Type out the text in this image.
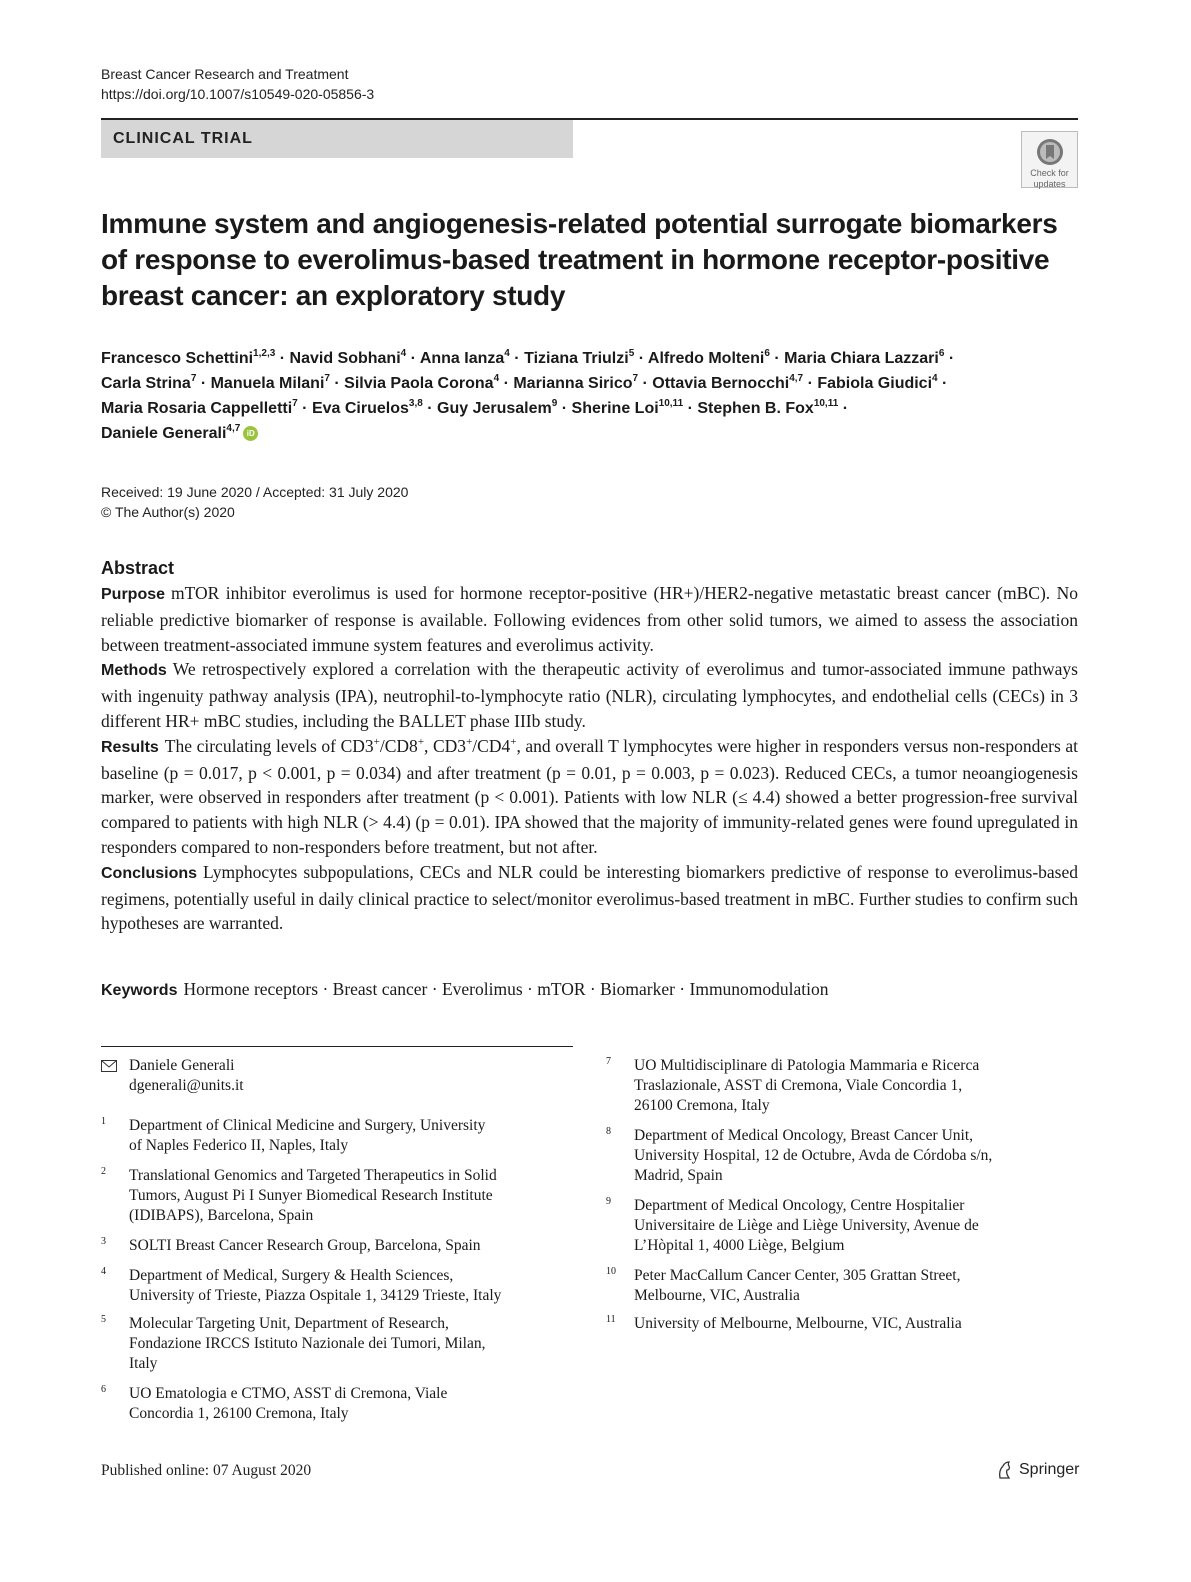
Breast Cancer Research and Treatment
https://doi.org/10.1007/s10549-020-05856-3
CLINICAL TRIAL
Check for
updates
Immune system and angiogenesis-related potential surrogate biomarkers of response to everolimus-based treatment in hormone receptor-positive breast cancer: an exploratory study
Francesco Schettini$^{1,2,3}$ · Navid Sobhani$^4$ · Anna Ianza$^4$ · Tiziana Triulzi$^5$ · Alfredo Molteni$^6$ · Maria Chiara Lazzari$^6$ ·
Carla Strina$^7$ · Manuela Milani$^7$ · Silvia Paola Corona$^4$ · Marianna Sirico$^7$ · Ottavia Bernocchi$^{4,7}$ · Fabiola Giudici$^4$ ·
Maria Rosaria Cappelletti$^7$ · Eva Ciruelos$^{3,8}$ · Guy Jerusalem$^9$ · Sherine Loi$^{10,11}$ · Stephen B. Fox$^{10,11}$ ·
Daniele Generali$^{4,7}$ iD
Received: 19 June 2020 / Accepted: 31 July 2020
© The Author(s) 2020
Abstract

Purpose mTOR inhibitor everolimus is used for hormone receptor-positive (HR+)/HER2-negative metastatic breast cancer (mBC). No reliable predictive biomarker of response is available. Following evidences from other solid tumors, we aimed to assess the association between treatment-associated immune system features and everolimus activity.

Methods We retrospectively explored a correlation with the therapeutic activity of everolimus and tumor-associated immune pathways with ingenuity pathway analysis (IPA), neutrophil-to-lymphocyte ratio (NLR), circulating lymphocytes, and endothelial cells (CECs) in 3 different HR+ mBC studies, including the BALLET phase IIIb study.

Results The circulating levels of CD3+/CD8+, CD3+/CD4+, and overall T lymphocytes were higher in responders versus non-responders at baseline (p = 0.017, p < 0.001, p = 0.034) and after treatment (p = 0.01, p = 0.003, p = 0.023). Reduced CECs, a tumor neoangiogenesis marker, were observed in responders after treatment (p < 0.001). Patients with low NLR (≤ 4.4) showed a better progression-free survival compared to patients with high NLR (> 4.4) (p = 0.01). IPA showed that the majority of immunity-related genes were found upregulated in responders compared to non-responders before treatment, but not after.

Conclusions Lymphocytes subpopulations, CECs and NLR could be interesting biomarkers predictive of response to everolimus-based regimens, potentially useful in daily clinical practice to select/monitor everolimus-based treatment in mBC. Further studies to confirm such hypotheses are warranted.

Keywords Hormone receptors · Breast cancer · Everolimus · mTOR · Biomarker · Immunomodulation
Daniele Generali
dgenerali@units.it
1 Department of Clinical Medicine and Surgery, University
of Naples Federico II, Naples, Italy
2 Translational Genomics and Targeted Therapeutics in Solid
Tumors, August Pi I Sunyer Biomedical Research Institute
(IDIBAPS), Barcelona, Spain
3 SOLTI Breast Cancer Research Group, Barcelona, Spain
4 Department of Medical, Surgery & Health Sciences,
University of Trieste, Piazza Ospitale 1, 34129 Trieste, Italy
5 Molecular Targeting Unit, Department of Research,
Fondazione IRCCS Istituto Nazionale dei Tumori, Milan,
Italy
6 UO Ematologia e CTMO, ASST di Cremona, Viale
Concordia 1, 26100 Cremona, Italy
7 UO Multidisciplinare di Patologia Mammaria e Ricerca
Traslazionale, ASST di Cremona, Viale Concordia 1,
26100 Cremona, Italy
8 Department of Medical Oncology, Breast Cancer Unit,
University Hospital, 12 de Octubre, Avda de Córdoba s/n,
Madrid, Spain
9 Department of Medical Oncology, Centre Hospitalier
Universitaire de Liège and Liège University, Avenue de
L’Hòpital 1, 4000 Liège, Belgium
10 Peter MacCallum Cancer Center, 305 Grattan Street,
Melbourne, VIC, Australia
11 University of Melbourne, Melbourne, VIC, Australia
Published online: 07 August 2020	Springer
